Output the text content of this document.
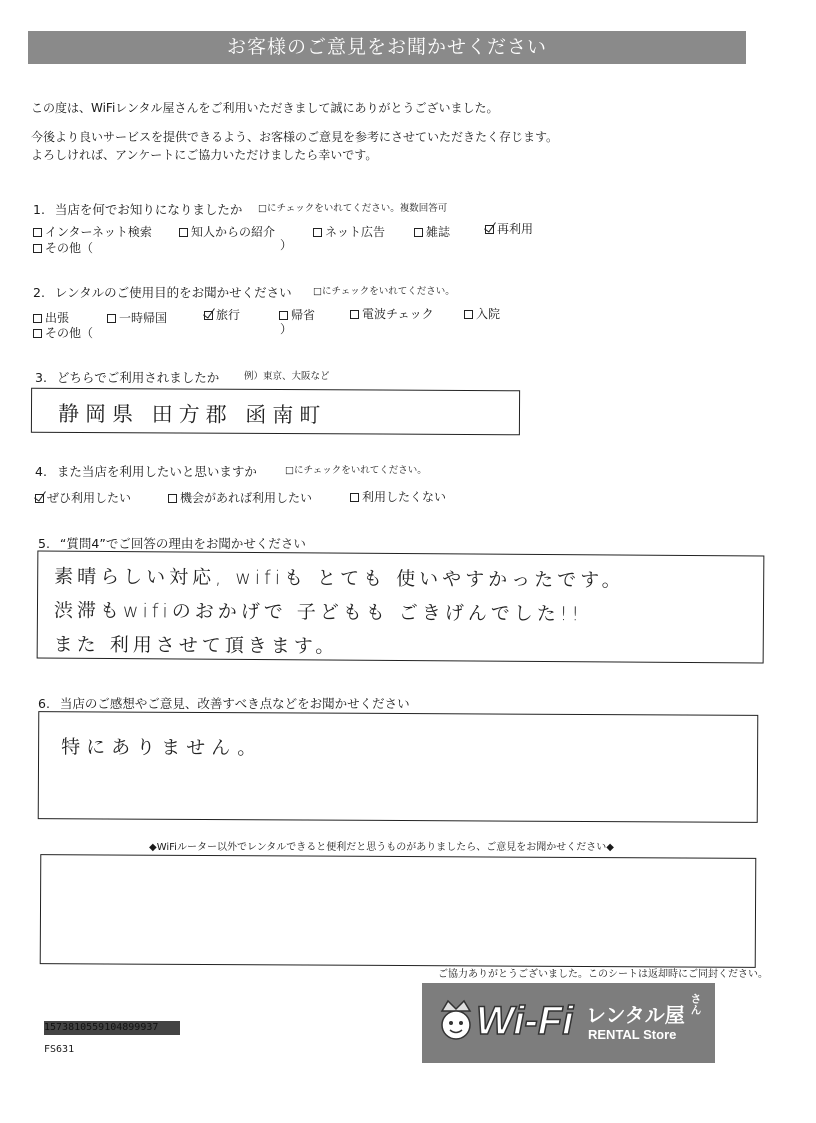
お客様のご意見をお聞かせください
この度は、WiFiレンタル屋さんをご利用いただきまして誠にありがとうございました。
今後より良いサービスを提供できるよう、お客様のご意見を参考にさせていただきたく存じます。
よろしければ、アンケートにご協力いただけましたら幸いです。
1. 当店を何でお知りになりましたか □にチェックをいれてください。複数回答可
インターネット検索	知人からの紹介	ネット広告	雑誌	再利用
その他（	）
2. レンタルのご使用目的をお聞かせください □にチェックをいれてください。
出張	一時帰国	旅行	帰省	電波チェック	入院
その他（	）
3. どちらでご利用されましたか	例）東京、大阪など
静岡県 田方郡 函南町
4. また当店を利用したいと思いますか	□にチェックをいれてください。
ぜひ利用したい	機会があれば利用したい	利用したくない
5. “質問4”でご回答の理由をお聞かせください
素晴らしい対応, wifiも とても 使いやすかったです。
渋滞もwifiのおかげで 子どもも ごきげんでした!!
また 利用させて頂きます。
6. 当店のご感想やご意見、改善すべき点などをお聞かせください
特にありません。
◆WiFiルーター以外でレンタルできると便利だと思うものがありましたら、ご意見をお聞かせください◆
ご協力ありがとうございました。このシートは返却時にご同封ください。
1573810559104899937
FS631
Wi-Fi レンタル屋 さん
RENTAL Store
